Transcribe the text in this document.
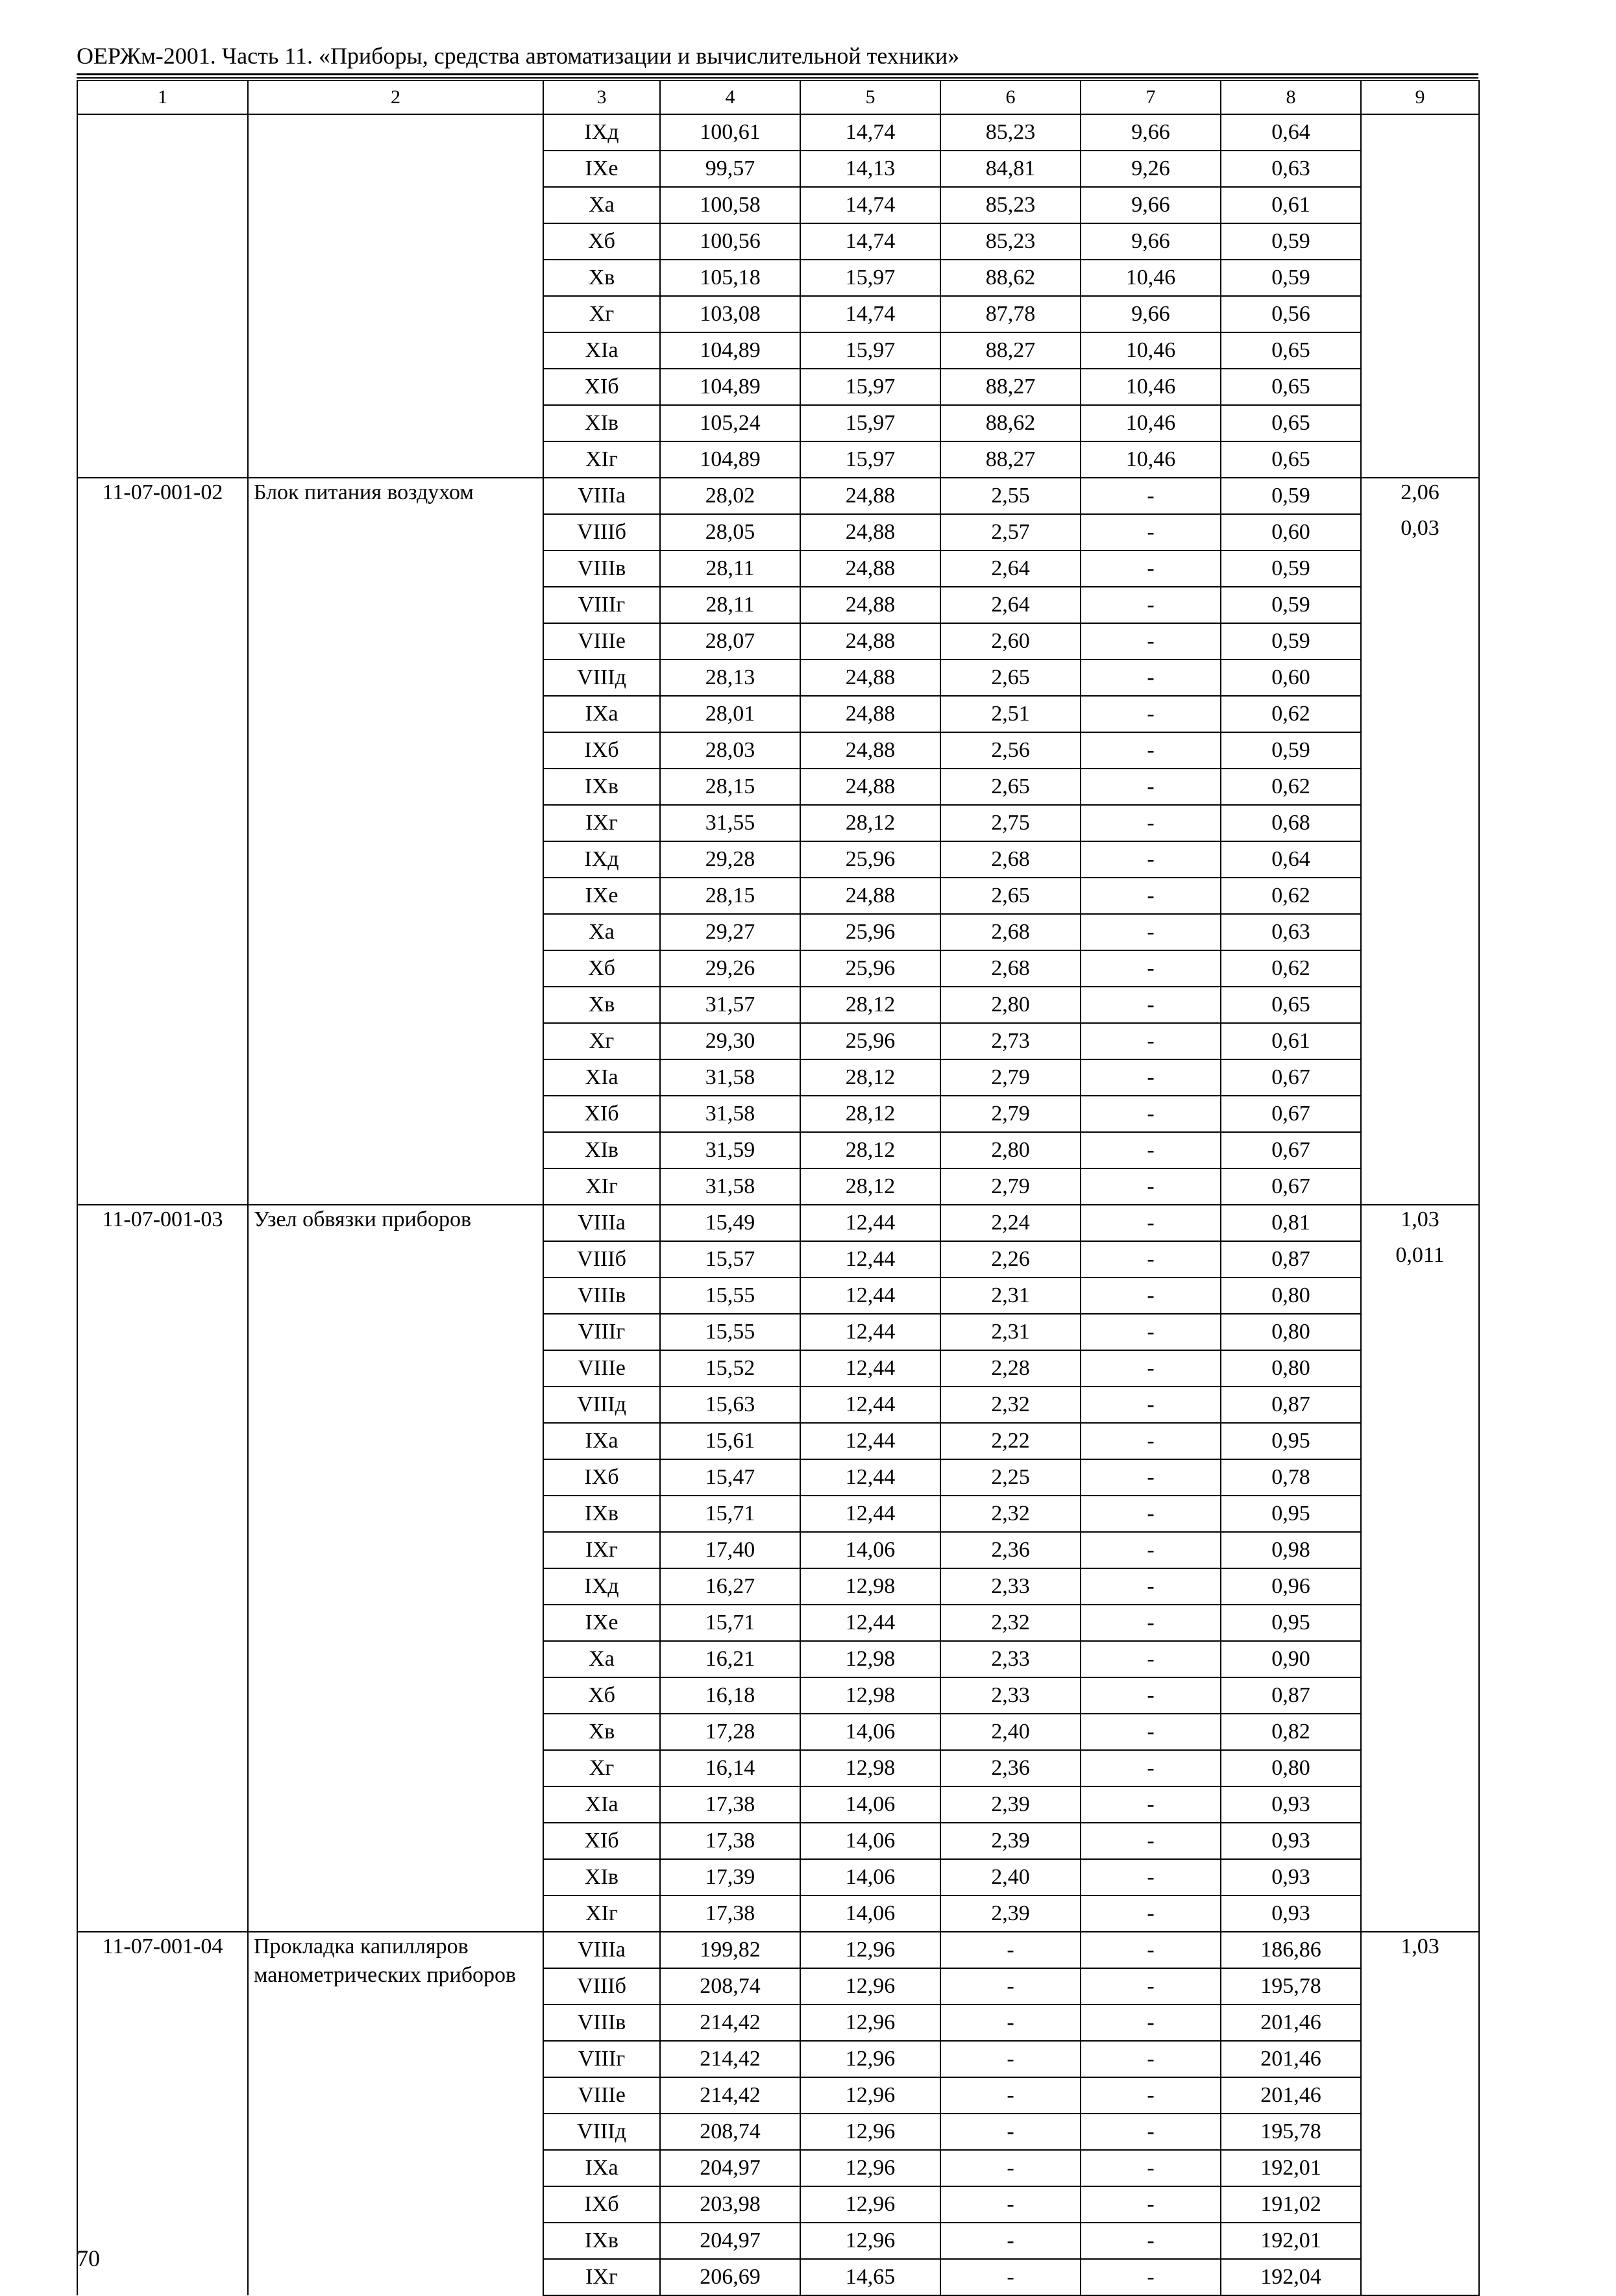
ОЕРЖм-2001. Часть 11. «Приборы, средства автоматизации и вычислительной техники»
1	2	3	4	5	6	7	8	9
		IXд	100,61	14,74	85,23	9,66	0,64	
		IXе	99,57	14,13	84,81	9,26	0,63	
		Xа	100,58	14,74	85,23	9,66	0,61	
		Xб	100,56	14,74	85,23	9,66	0,59	
		Xв	105,18	15,97	88,62	10,46	0,59	
		Xг	103,08	14,74	87,78	9,66	0,56	
		XIа	104,89	15,97	88,27	10,46	0,65	
		XIб	104,89	15,97	88,27	10,46	0,65	
		XIв	105,24	15,97	88,62	10,46	0,65	
		XIг	104,89	15,97	88,27	10,46	0,65	
11-07-001-02	Блок питания воздухом	VIIIа	28,02	24,88	2,55	-	0,59	2,06
		VIIIб	28,05	24,88	2,57	-	0,60	0,03
		VIIIв	28,11	24,88	2,64	-	0,59	
		VIIIг	28,11	24,88	2,64	-	0,59	
		VIIIе	28,07	24,88	2,60	-	0,59	
		VIIIд	28,13	24,88	2,65	-	0,60	
		IXа	28,01	24,88	2,51	-	0,62	
		IXб	28,03	24,88	2,56	-	0,59	
		IXв	28,15	24,88	2,65	-	0,62	
		IXг	31,55	28,12	2,75	-	0,68	
		IXд	29,28	25,96	2,68	-	0,64	
		IXе	28,15	24,88	2,65	-	0,62	
		Xа	29,27	25,96	2,68	-	0,63	
		Xб	29,26	25,96	2,68	-	0,62	
		Xв	31,57	28,12	2,80	-	0,65	
		Xг	29,30	25,96	2,73	-	0,61	
		XIа	31,58	28,12	2,79	-	0,67	
		XIб	31,58	28,12	2,79	-	0,67	
		XIв	31,59	28,12	2,80	-	0,67	
		XIг	31,58	28,12	2,79	-	0,67	
11-07-001-03	Узел обвязки приборов	VIIIа	15,49	12,44	2,24	-	0,81	1,03
		VIIIб	15,57	12,44	2,26	-	0,87	0,011
		VIIIв	15,55	12,44	2,31	-	0,80	
		VIIIг	15,55	12,44	2,31	-	0,80	
		VIIIе	15,52	12,44	2,28	-	0,80	
		VIIIд	15,63	12,44	2,32	-	0,87	
		IXа	15,61	12,44	2,22	-	0,95	
		IXб	15,47	12,44	2,25	-	0,78	
		IXв	15,71	12,44	2,32	-	0,95	
		IXг	17,40	14,06	2,36	-	0,98	
		IXд	16,27	12,98	2,33	-	0,96	
		IXе	15,71	12,44	2,32	-	0,95	
		Xа	16,21	12,98	2,33	-	0,90	
		Xб	16,18	12,98	2,33	-	0,87	
		Xв	17,28	14,06	2,40	-	0,82	
		Xг	16,14	12,98	2,36	-	0,80	
		XIа	17,38	14,06	2,39	-	0,93	
		XIб	17,38	14,06	2,39	-	0,93	
		XIв	17,39	14,06	2,40	-	0,93	
		XIг	17,38	14,06	2,39	-	0,93	
11-07-001-04	Прокладка капилляров манометрических приборов	VIIIа	199,82	12,96	-	-	186,86	1,03
		VIIIб	208,74	12,96	-	-	195,78	
		VIIIв	214,42	12,96	-	-	201,46	
		VIIIг	214,42	12,96	-	-	201,46	
		VIIIе	214,42	12,96	-	-	201,46	
		VIIIд	208,74	12,96	-	-	195,78	
		IXа	204,97	12,96	-	-	192,01	
		IXб	203,98	12,96	-	-	191,02	
		IXв	204,97	12,96	-	-	192,01	
		IXг	206,69	14,65	-	-	192,04	
70
